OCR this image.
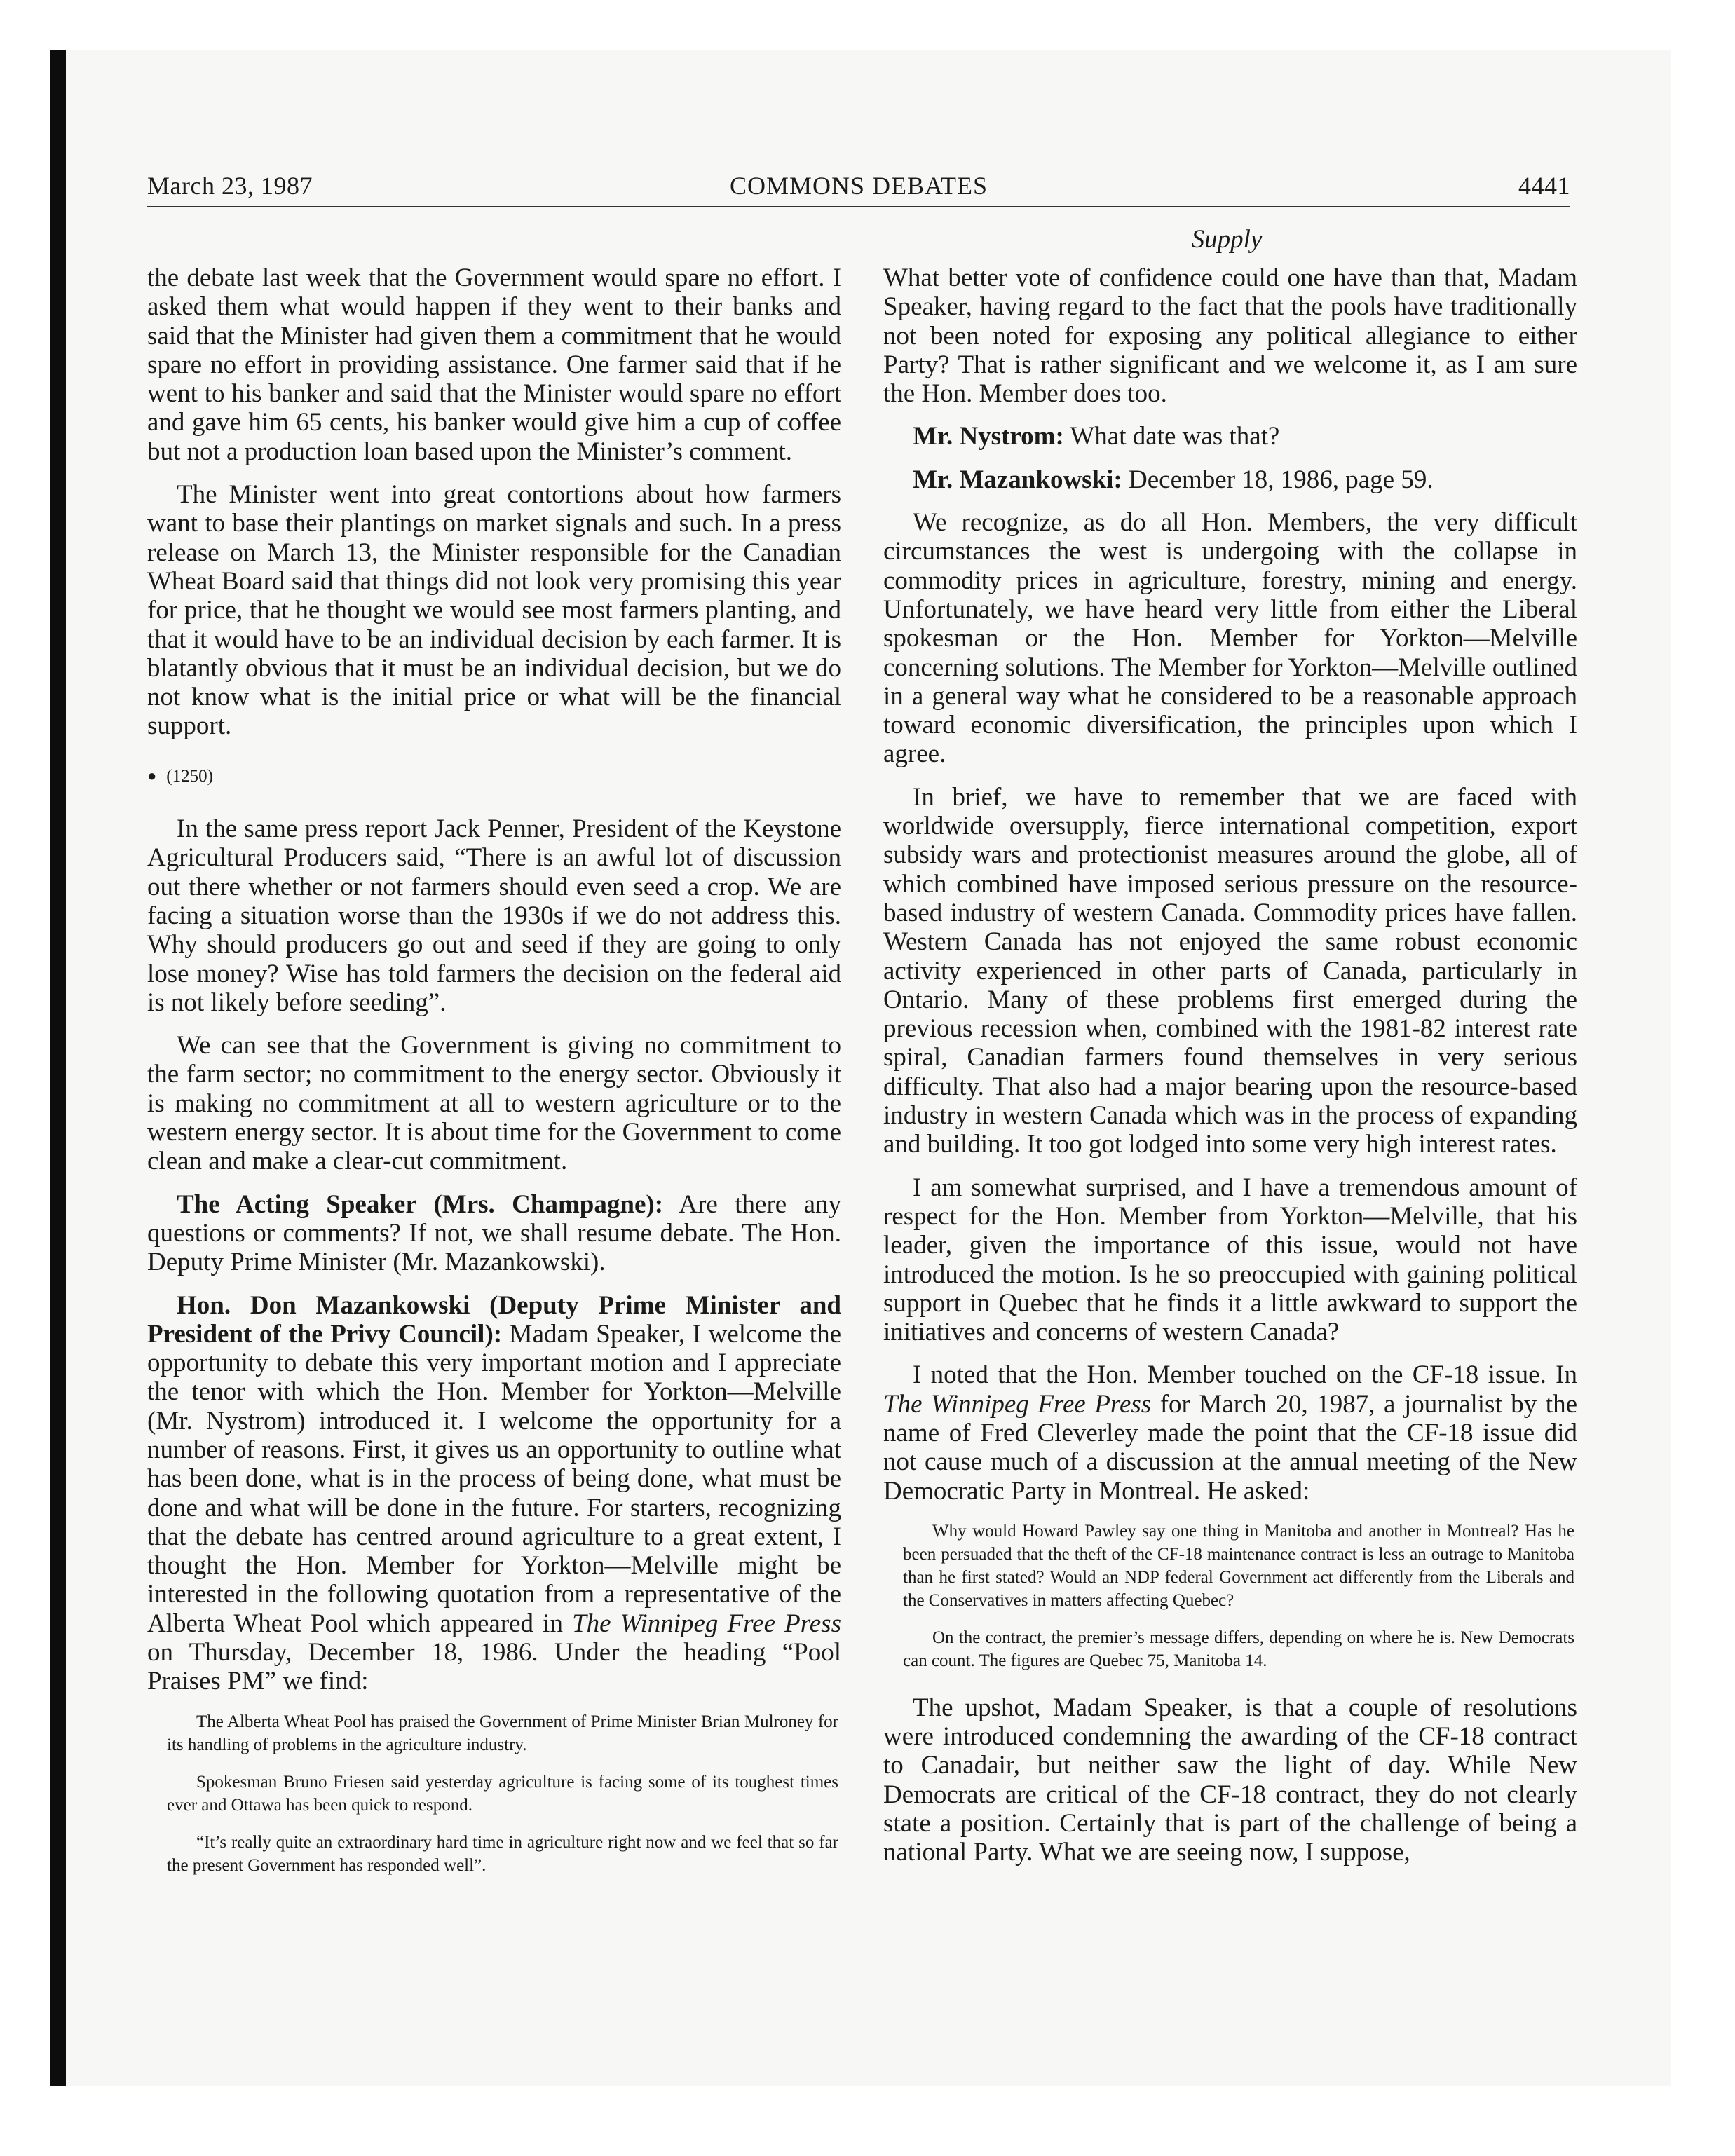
March 23, 1987	COMMONS DEBATES	4441
Supply

the debate last week that the Government would spare no effort. I asked them what would happen if they went to their banks and said that the Minister had given them a commitment that he would spare no effort in providing assistance. One farmer said that if he went to his banker and said that the Minister would spare no effort and gave him 65 cents, his banker would give him a cup of coffee but not a production loan based upon the Minister’s comment.

The Minister went into great contortions about how farmers want to base their plantings on market signals and such. In a press release on March 13, the Minister responsible for the Canadian Wheat Board said that things did not look very promising this year for price, that he thought we would see most farmers planting, and that it would have to be an individual decision by each farmer. It is blatantly obvious that it must be an individual decision, but we do not know what is the initial price or what will be the financial support.

● (1250)

In the same press report Jack Penner, President of the Keystone Agricultural Producers said, “There is an awful lot of discussion out there whether or not farmers should even seed a crop. We are facing a situation worse than the 1930s if we do not address this. Why should producers go out and seed if they are going to only lose money? Wise has told farmers the decision on the federal aid is not likely before seeding”.

We can see that the Government is giving no commitment to the farm sector; no commitment to the energy sector. Obviously it is making no commitment at all to western agriculture or to the western energy sector. It is about time for the Government to come clean and make a clear-cut commitment.

The Acting Speaker (Mrs. Champagne): Are there any questions or comments? If not, we shall resume debate. The Hon. Deputy Prime Minister (Mr. Mazankowski).

Hon. Don Mazankowski (Deputy Prime Minister and President of the Privy Council): Madam Speaker, I welcome the opportunity to debate this very important motion and I appreciate the tenor with which the Hon. Member for Yorkton—Melville (Mr. Nystrom) introduced it. I welcome the opportunity for a number of reasons. First, it gives us an opportunity to outline what has been done, what is in the process of being done, what must be done and what will be done in the future. For starters, recognizing that the debate has centred around agriculture to a great extent, I thought the Hon. Member for Yorkton—Melville might be interested in the following quotation from a representative of the Alberta Wheat Pool which appeared in The Winnipeg Free Press on Thursday, December 18, 1986. Under the heading “Pool Praises PM” we find:

The Alberta Wheat Pool has praised the Government of Prime Minister Brian Mulroney for its handling of problems in the agriculture industry.

Spokesman Bruno Friesen said yesterday agriculture is facing some of its toughest times ever and Ottawa has been quick to respond.

“It’s really quite an extraordinary hard time in agriculture right now and we feel that so far the present Government has responded well”.

What better vote of confidence could one have than that, Madam Speaker, having regard to the fact that the pools have traditionally not been noted for exposing any political allegiance to either Party? That is rather significant and we welcome it, as I am sure the Hon. Member does too.

Mr. Nystrom: What date was that?

Mr. Mazankowski: December 18, 1986, page 59.

We recognize, as do all Hon. Members, the very difficult circumstances the west is undergoing with the collapse in commodity prices in agriculture, forestry, mining and energy. Unfortunately, we have heard very little from either the Liberal spokesman or the Hon. Member for Yorkton—Melville concerning solutions. The Member for Yorkton—Melville outlined in a general way what he considered to be a reasonable approach toward economic diversification, the principles upon which I agree.

In brief, we have to remember that we are faced with worldwide oversupply, fierce international competition, export subsidy wars and protectionist measures around the globe, all of which combined have imposed serious pressure on the resource- based industry of western Canada. Commodity prices have fallen. Western Canada has not enjoyed the same robust economic activity experienced in other parts of Canada, particularly in Ontario. Many of these problems first emerged during the previous recession when, combined with the 1981-82 interest rate spiral, Canadian farmers found themselves in very serious difficulty. That also had a major bearing upon the resource-based industry in western Canada which was in the process of expanding and building. It too got lodged into some very high interest rates.

I am somewhat surprised, and I have a tremendous amount of respect for the Hon. Member from Yorkton—Melville, that his leader, given the importance of this issue, would not have introduced the motion. Is he so preoccupied with gaining political support in Quebec that he finds it a little awkward to support the initiatives and concerns of western Canada?

I noted that the Hon. Member touched on the CF-18 issue. In The Winnipeg Free Press for March 20, 1987, a journalist by the name of Fred Cleverley made the point that the CF-18 issue did not cause much of a discussion at the annual meeting of the New Democratic Party in Montreal. He asked:

Why would Howard Pawley say one thing in Manitoba and another in Montreal? Has he been persuaded that the theft of the CF-18 maintenance contract is less an outrage to Manitoba than he first stated? Would an NDP federal Government act differently from the Liberals and the Conservatives in matters affecting Quebec?

On the contract, the premier’s message differs, depending on where he is. New Democrats can count. The figures are Quebec 75, Manitoba 14.

The upshot, Madam Speaker, is that a couple of resolutions were introduced condemning the awarding of the CF-18 contract to Canadair, but neither saw the light of day. While New Democrats are critical of the CF-18 contract, they do not clearly state a position. Certainly that is part of the challenge of being a national Party. What we are seeing now, I suppose,
